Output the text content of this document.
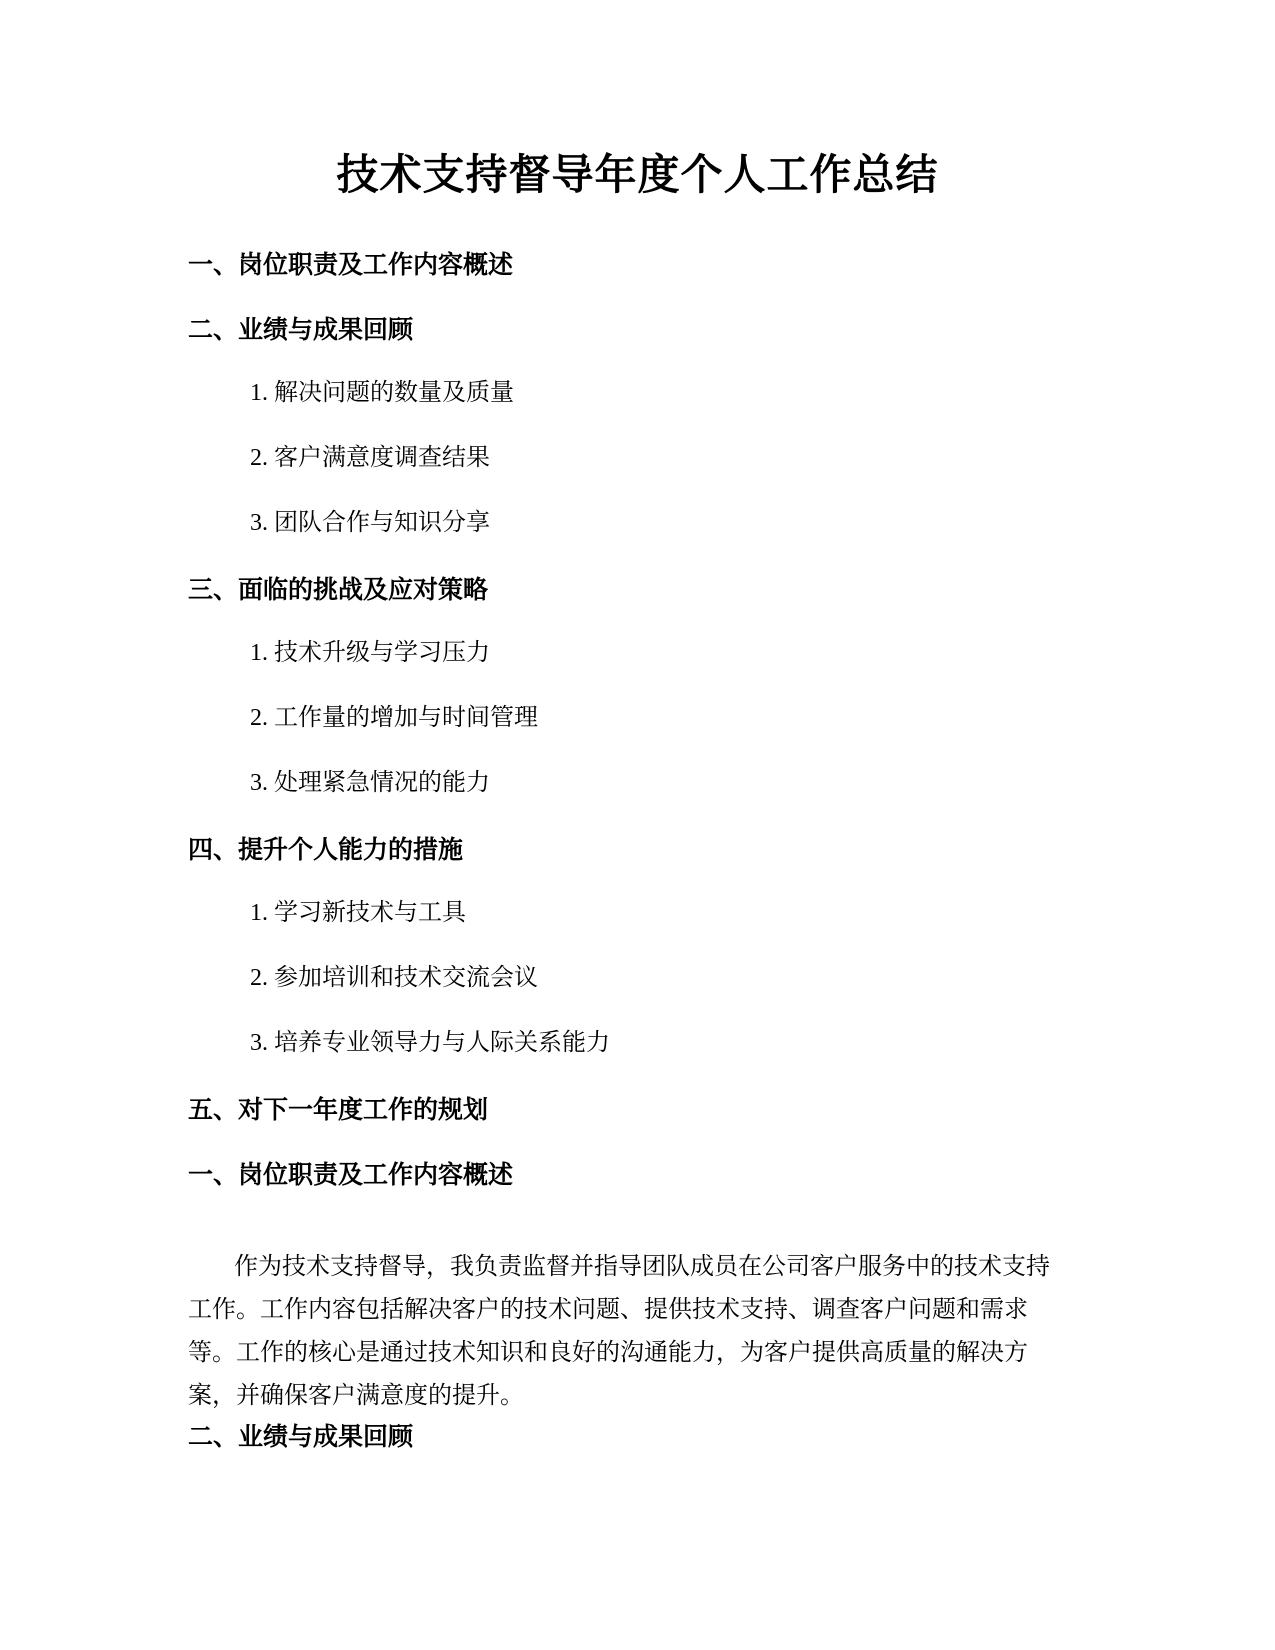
技术支持督导年度个人工作总结
一、岗位职责及工作内容概述
二、业绩与成果回顾
1. 解决问题的数量及质量
2. 客户满意度调查结果
3. 团队合作与知识分享
三、面临的挑战及应对策略
1. 技术升级与学习压力
2. 工作量的增加与时间管理
3. 处理紧急情况的能力
四、提升个人能力的措施
1. 学习新技术与工具
2. 参加培训和技术交流会议
3. 培养专业领导力与人际关系能力
五、对下一年度工作的规划
一、岗位职责及工作内容概述

作为技术支持督导，我负责监督并指导团队成员在公司客户服务中的技术支持
工作。工作内容包括解决客户的技术问题、提供技术支持、调查客户问题和需求
等。工作的核心是通过技术知识和良好的沟通能力，为客户提供高质量的解决方
案，并确保客户满意度的提升。

二、业绩与成果回顾
